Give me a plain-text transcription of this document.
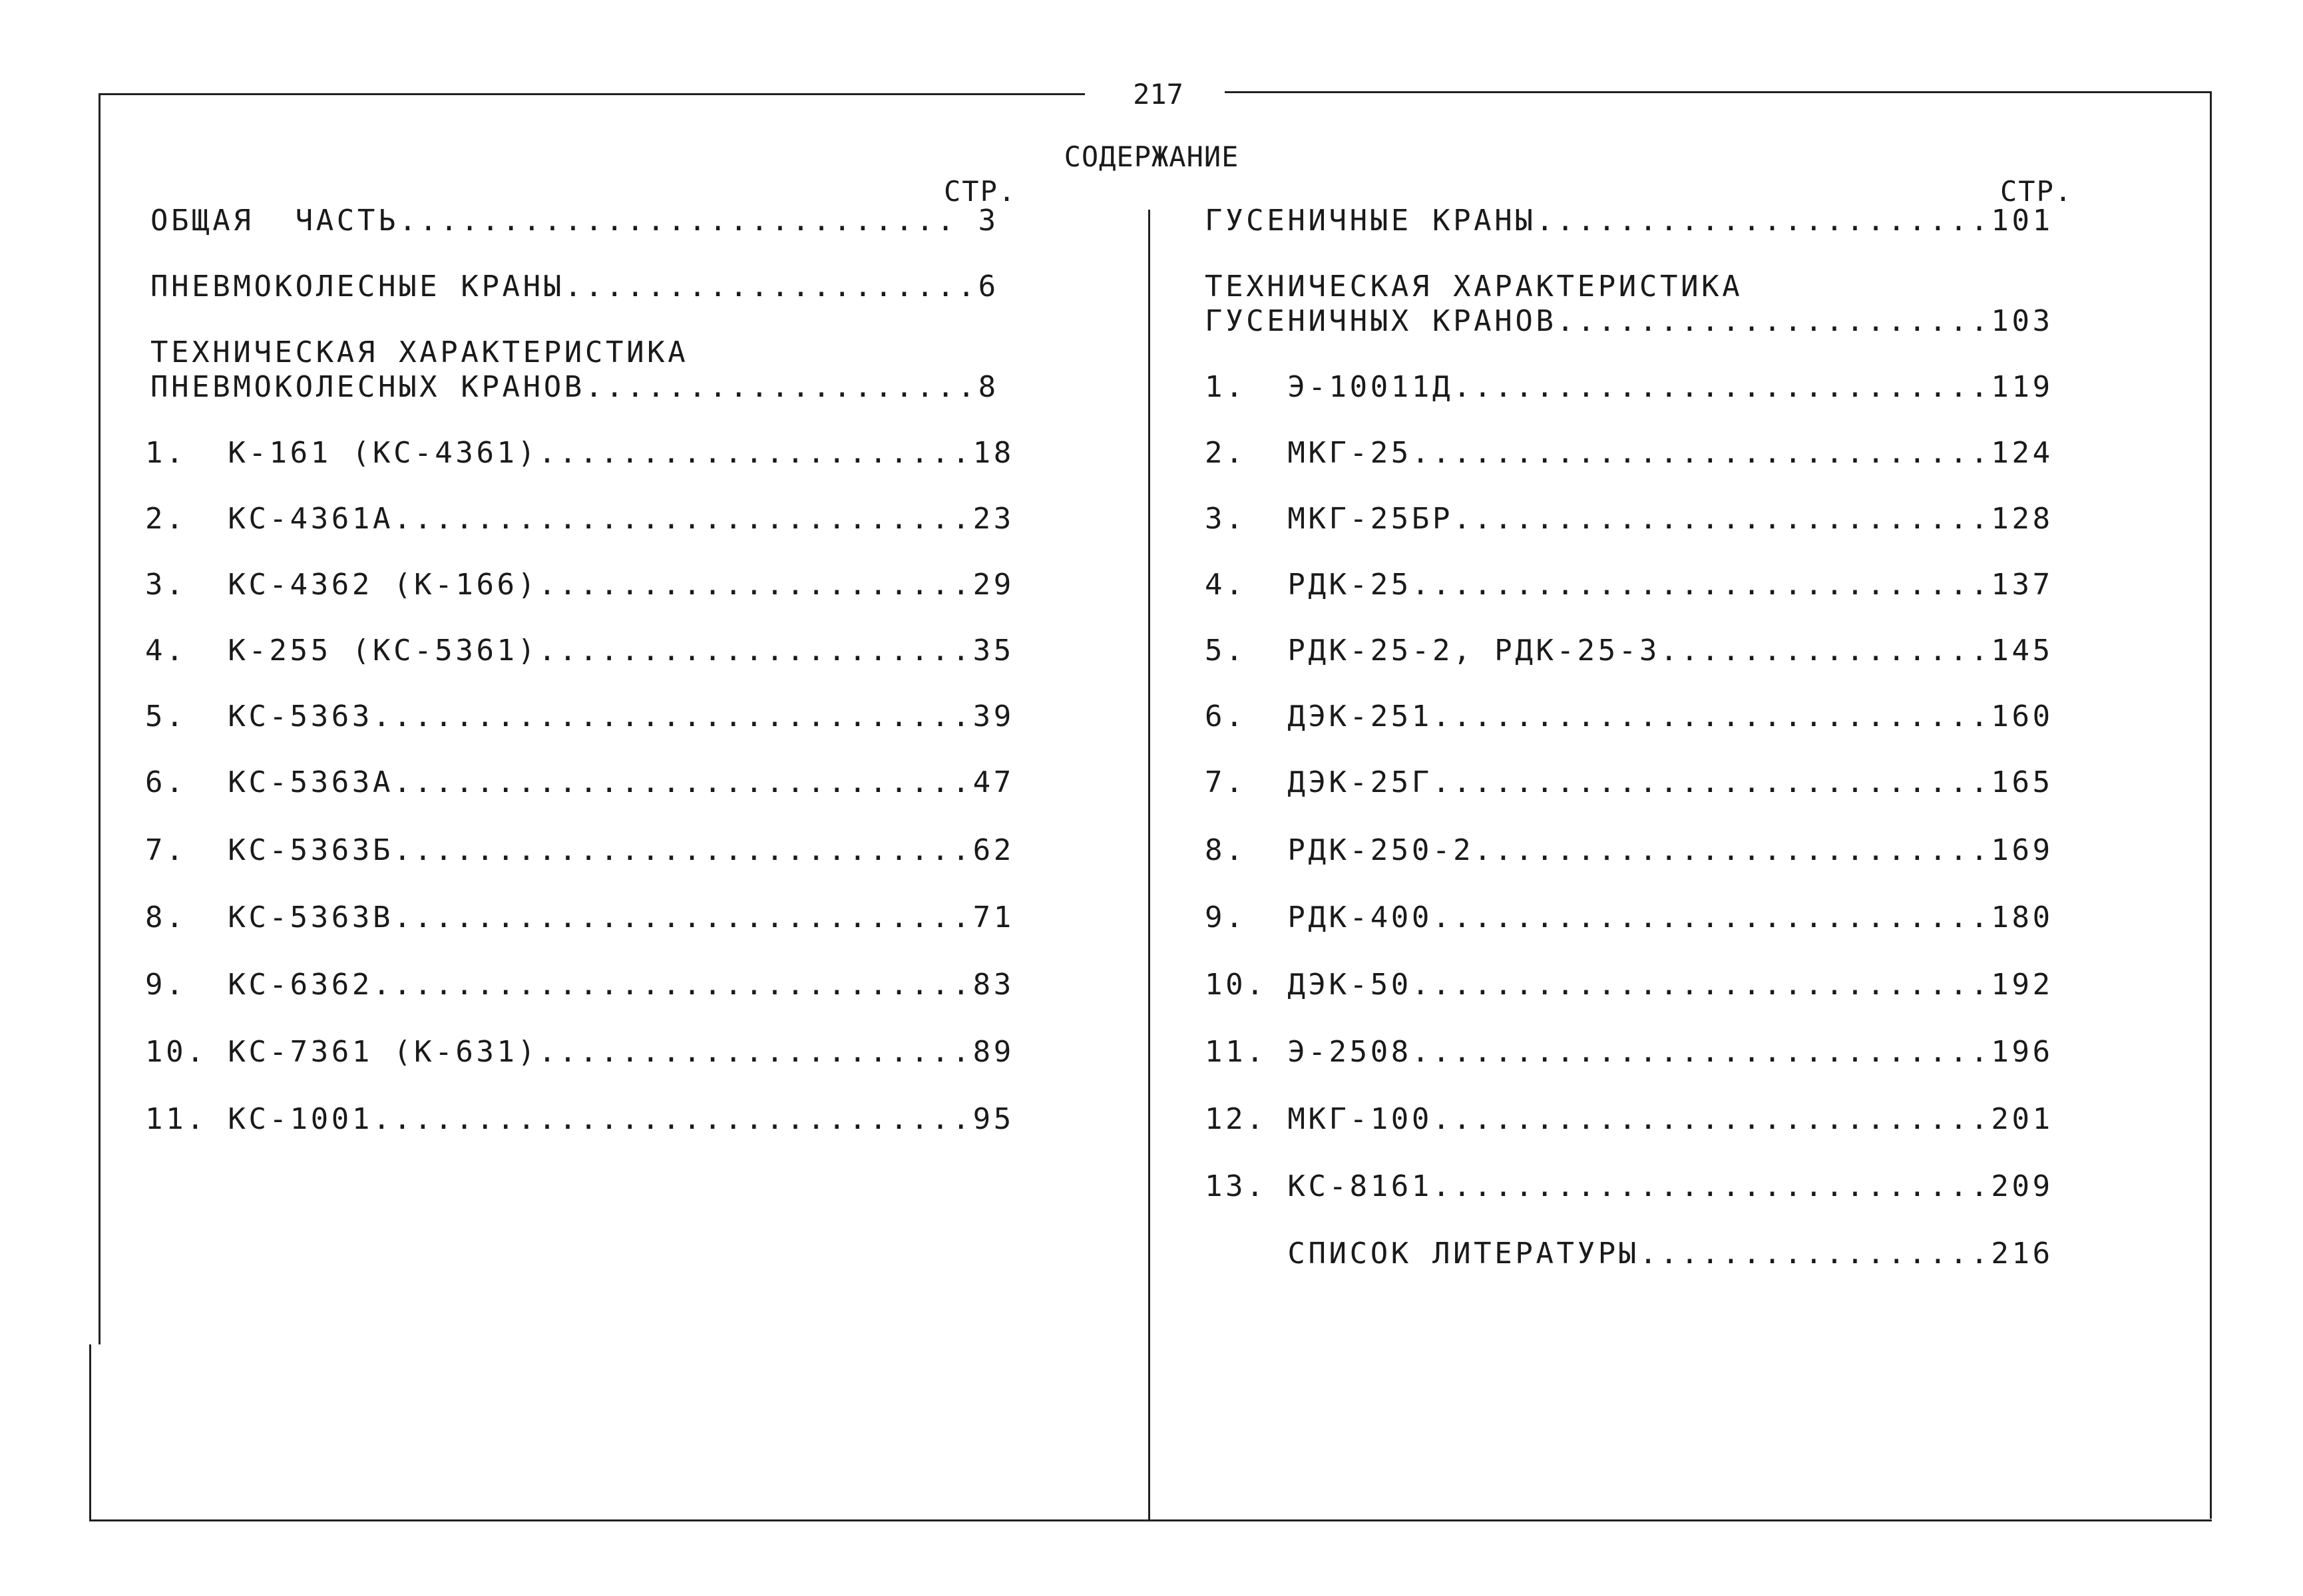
217
СОДЕРЖАНИЕ
СТР.	СТР.
ОБЩАЯ  ЧАСТЬ........................... 3
ПНЕВМОКОЛЕСНЫЕ КРАНЫ....................6
ТЕХНИЧЕСКАЯ ХАРАКТЕРИСТИКА
ПНЕВМОКОЛЕСНЫХ КРАНОВ...................8
1.  К-161 (КС-4361).....................18
2.  КС-4361А............................23
3.  КС-4362 (К-166).....................29
4.  К-255 (КС-5361).....................35
5.  КС-5363.............................39
6.  КС-5363А............................47
7.  КС-5363Б............................62
8.  КС-5363В............................71
9.  КС-6362.............................83
10. КС-7361 (К-631).....................89
11. КС-1001.............................95
ГУСЕНИЧНЫЕ КРАНЫ......................101
ТЕХНИЧЕСКАЯ ХАРАКТЕРИСТИКА
ГУСЕНИЧНЫХ КРАНОВ.....................103
1.  Э-10011Д..........................119
2.  МКГ-25............................124
3.  МКГ-25БР..........................128
4.  РДК-25............................137
5.  РДК-25-2, РДК-25-3................145
6.  ДЭК-251...........................160
7.  ДЭК-25Г...........................165
8.  РДК-250-2.........................169
9.  РДК-400...........................180
10. ДЭК-50............................192
11. Э-2508............................196
12. МКГ-100...........................201
13. КС-8161...........................209
СПИСОК ЛИТЕРАТУРЫ.................216
